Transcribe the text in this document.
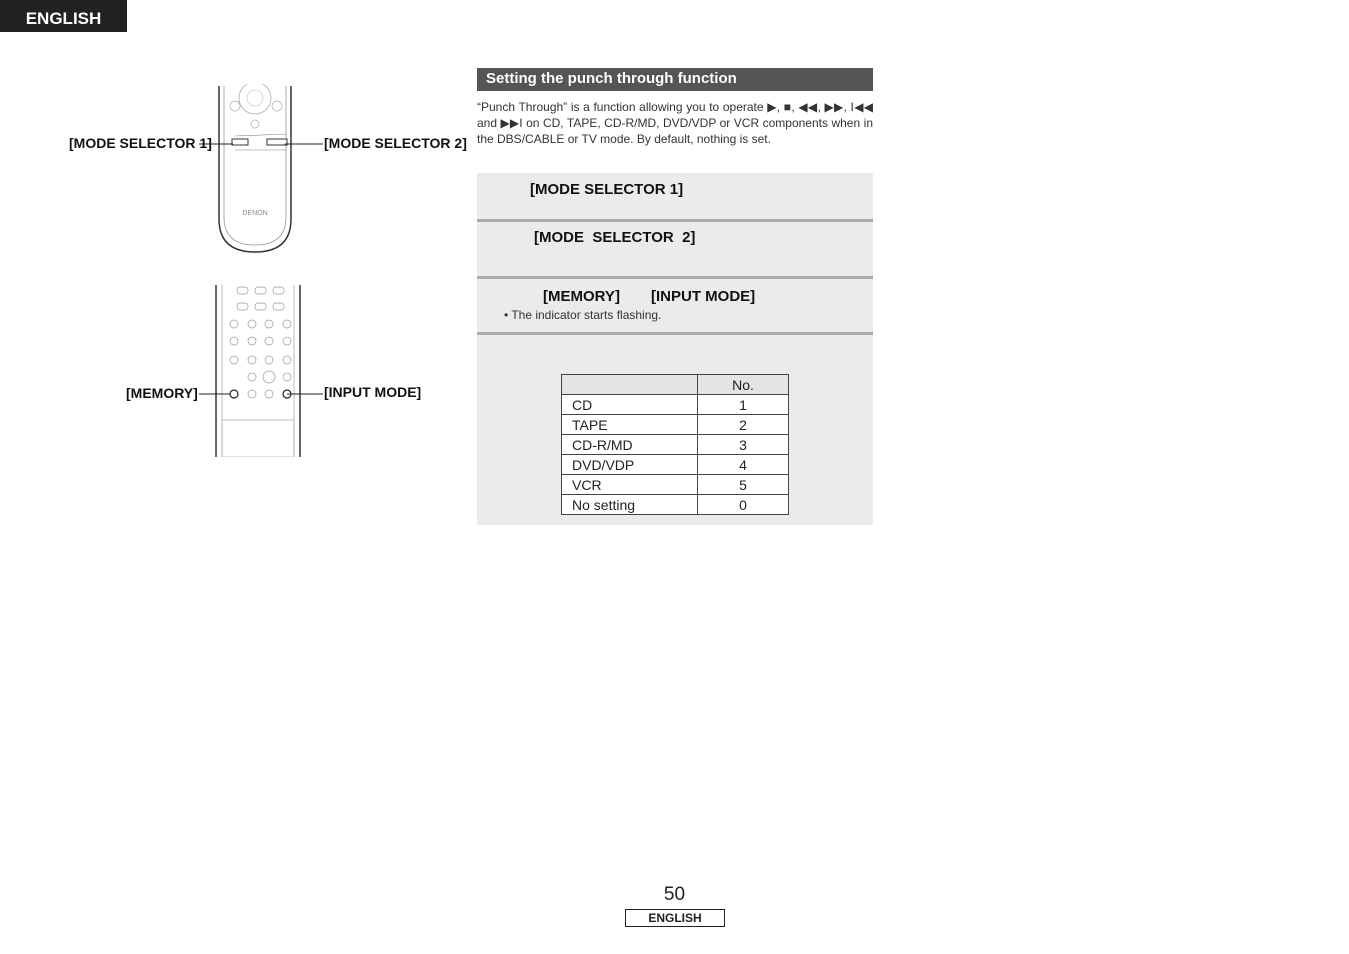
ENGLISH
DENON
[MODE SELECTOR 1]	[MODE SELECTOR 2]
[MEMORY]	[INPUT MODE]
Setting the punch through function

“Punch Through” is a function allowing you to operate ▶, ■, ◀◀, ▶▶, I◀◀ and ▶▶I on CD, TAPE, CD-R/MD, DVD/VDP or VCR components when in the DBS/CABLE or TV mode. By default, nothing is set.

[MODE SELECTOR 1]
[MODE  SELECTOR  2]
[MEMORY] [INPUT MODE]
• The indicator starts flashing.
	No.
CD	1
TAPE	2
CD-R/MD	3
DVD/VDP	4
VCR	5
No setting	0
50
ENGLISH
